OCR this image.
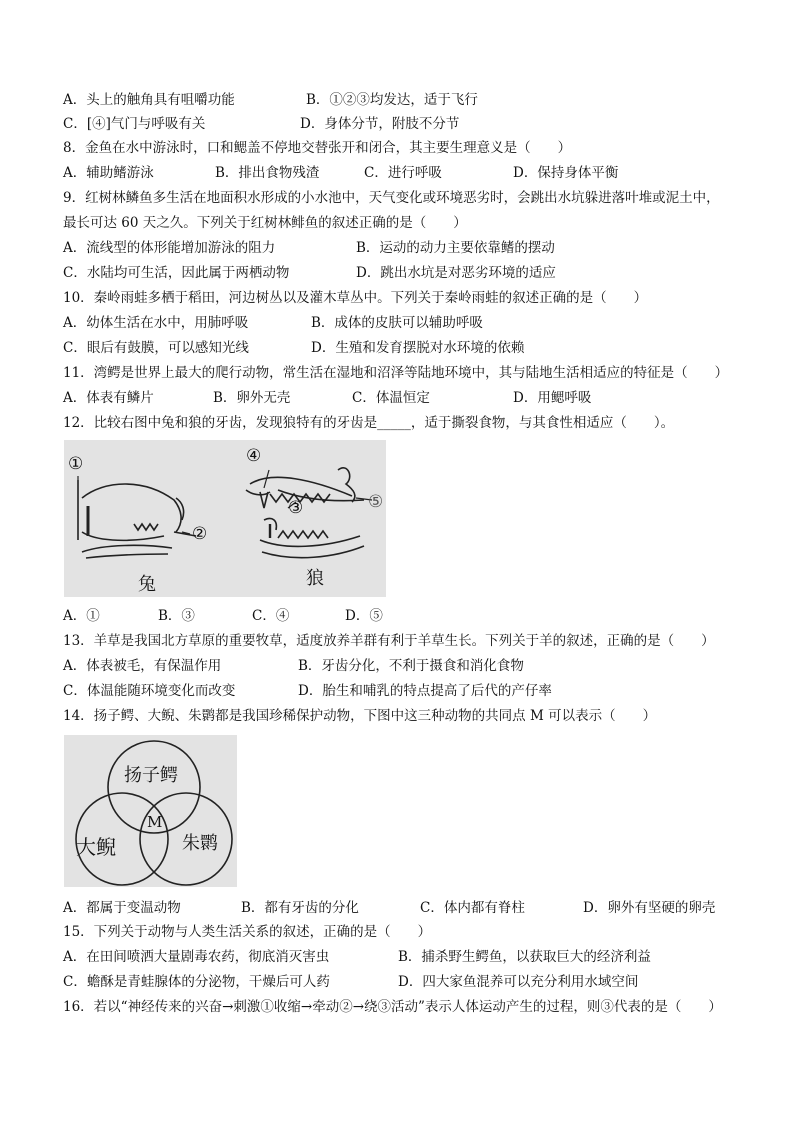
A．头上的触角具有咀嚼功能	B．①②③均发达，适于飞行
C．[④]气门与呼吸有关	D．身体分节，附肢不分节
8．金鱼在水中游泳时，口和鳃盖不停地交替张开和闭合，其主要生理意义是（　　）
A．辅助鳍游泳	B．排出食物残渣	C．进行呼吸	D．保持身体平衡
9．红树林鳞鱼多生活在地面积水形成的小水池中，天气变化或环境恶劣时，会跳出水坑躲进落叶堆或泥土中，
最长可达 60 天之久。下列关于红树林鲱鱼的叙述正确的是（　　）
A．流线型的体形能增加游泳的阻力	B．运动的动力主要依靠鳍的摆动
C．水陆均可生活，因此属于两栖动物	D．跳出水坑是对恶劣环境的适应
10．秦岭雨蛙多栖于稻田，河边树丛以及灌木草丛中。下列关于秦岭雨蛙的叙述正确的是（　　）
A．幼体生活在水中，用肺呼吸	B．成体的皮肤可以辅助呼吸
C．眼后有鼓膜，可以感知光线	D．生殖和发育摆脱对水环境的依赖
11．湾鳄是世界上最大的爬行动物，常生活在湿地和沼泽等陆地环境中，其与陆地生活相适应的特征是（　　）
A．体表有鳞片	B．卵外无壳	C．体温恒定	D．用鳃呼吸
12．比较右图中兔和狼的牙齿，发现狼特有的牙齿是_____，适于撕裂食物，与其食性相适应（　　）。
①
②
③
④
⑤
兔	狼
A．①	B．③	C．④	D．⑤
13．羊草是我国北方草原的重要牧草，适度放养羊群有利于羊草生长。下列关于羊的叙述，正确的是（　　）
A．体表被毛，有保温作用	B．牙齿分化，不利于摄食和消化食物
C．体温能随环境变化而改变	D．胎生和哺乳的特点提高了后代的产仔率
14．扬子鳄、大鲵、朱鹮都是我国珍稀保护动物，下图中这三种动物的共同点 M 可以表示（　　）
扬子鳄
大鲵	朱鹮
M
A．都属于变温动物	B．都有牙齿的分化	C．体内都有脊柱	D．卵外有坚硬的卵壳
15．下列关于动物与人类生活关系的叙述，正确的是（　　）
A．在田间喷洒大量剧毒农药，彻底消灭害虫	B．捕杀野生鳄鱼，以获取巨大的经济利益
C．蟾酥是青蛙腺体的分泌物，干燥后可人药	D．四大家鱼混养可以充分利用水域空间
16．若以“神经传来的兴奋→刺激①收缩→牵动②→绕③活动”表示人体运动产生的过程，则③代表的是（　　）
